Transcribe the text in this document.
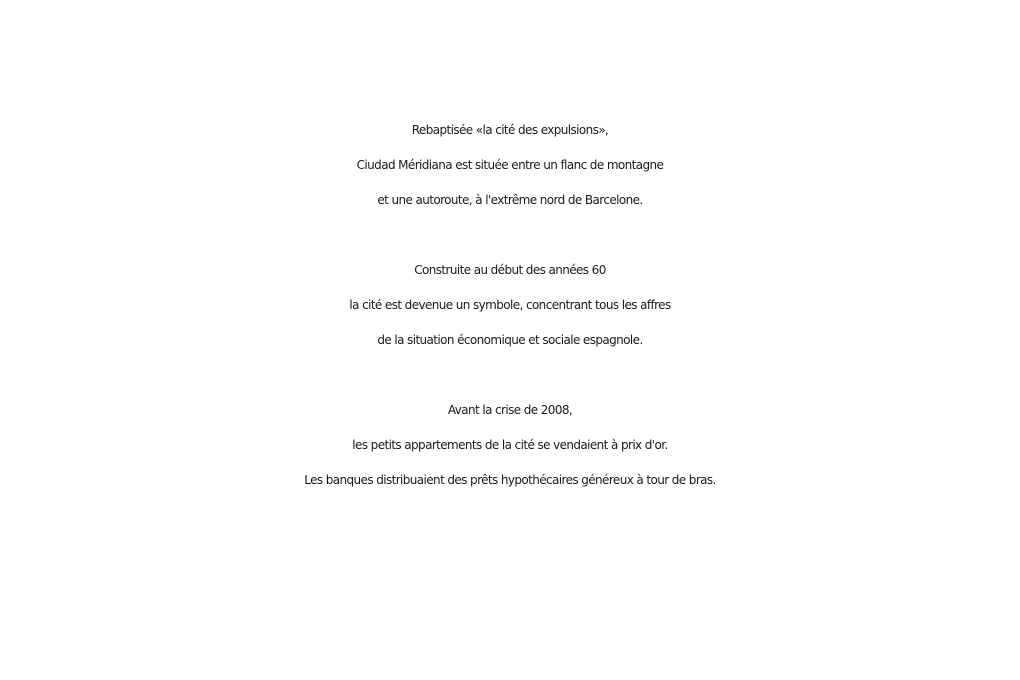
Rebaptisée «la cité des expulsions»,
Ciudad Méridiana est située entre un flanc de montagne
et une autoroute, à l'extrême nord de Barcelone.

Construite au début des années 60
la cité est devenue un symbole, concentrant tous les affres
de la situation économique et sociale espagnole.

Avant la crise de 2008,
les petits appartements de la cité se vendaient à prix d'or.
Les banques distribuaient des prêts hypothécaires généreux à tour de bras.
